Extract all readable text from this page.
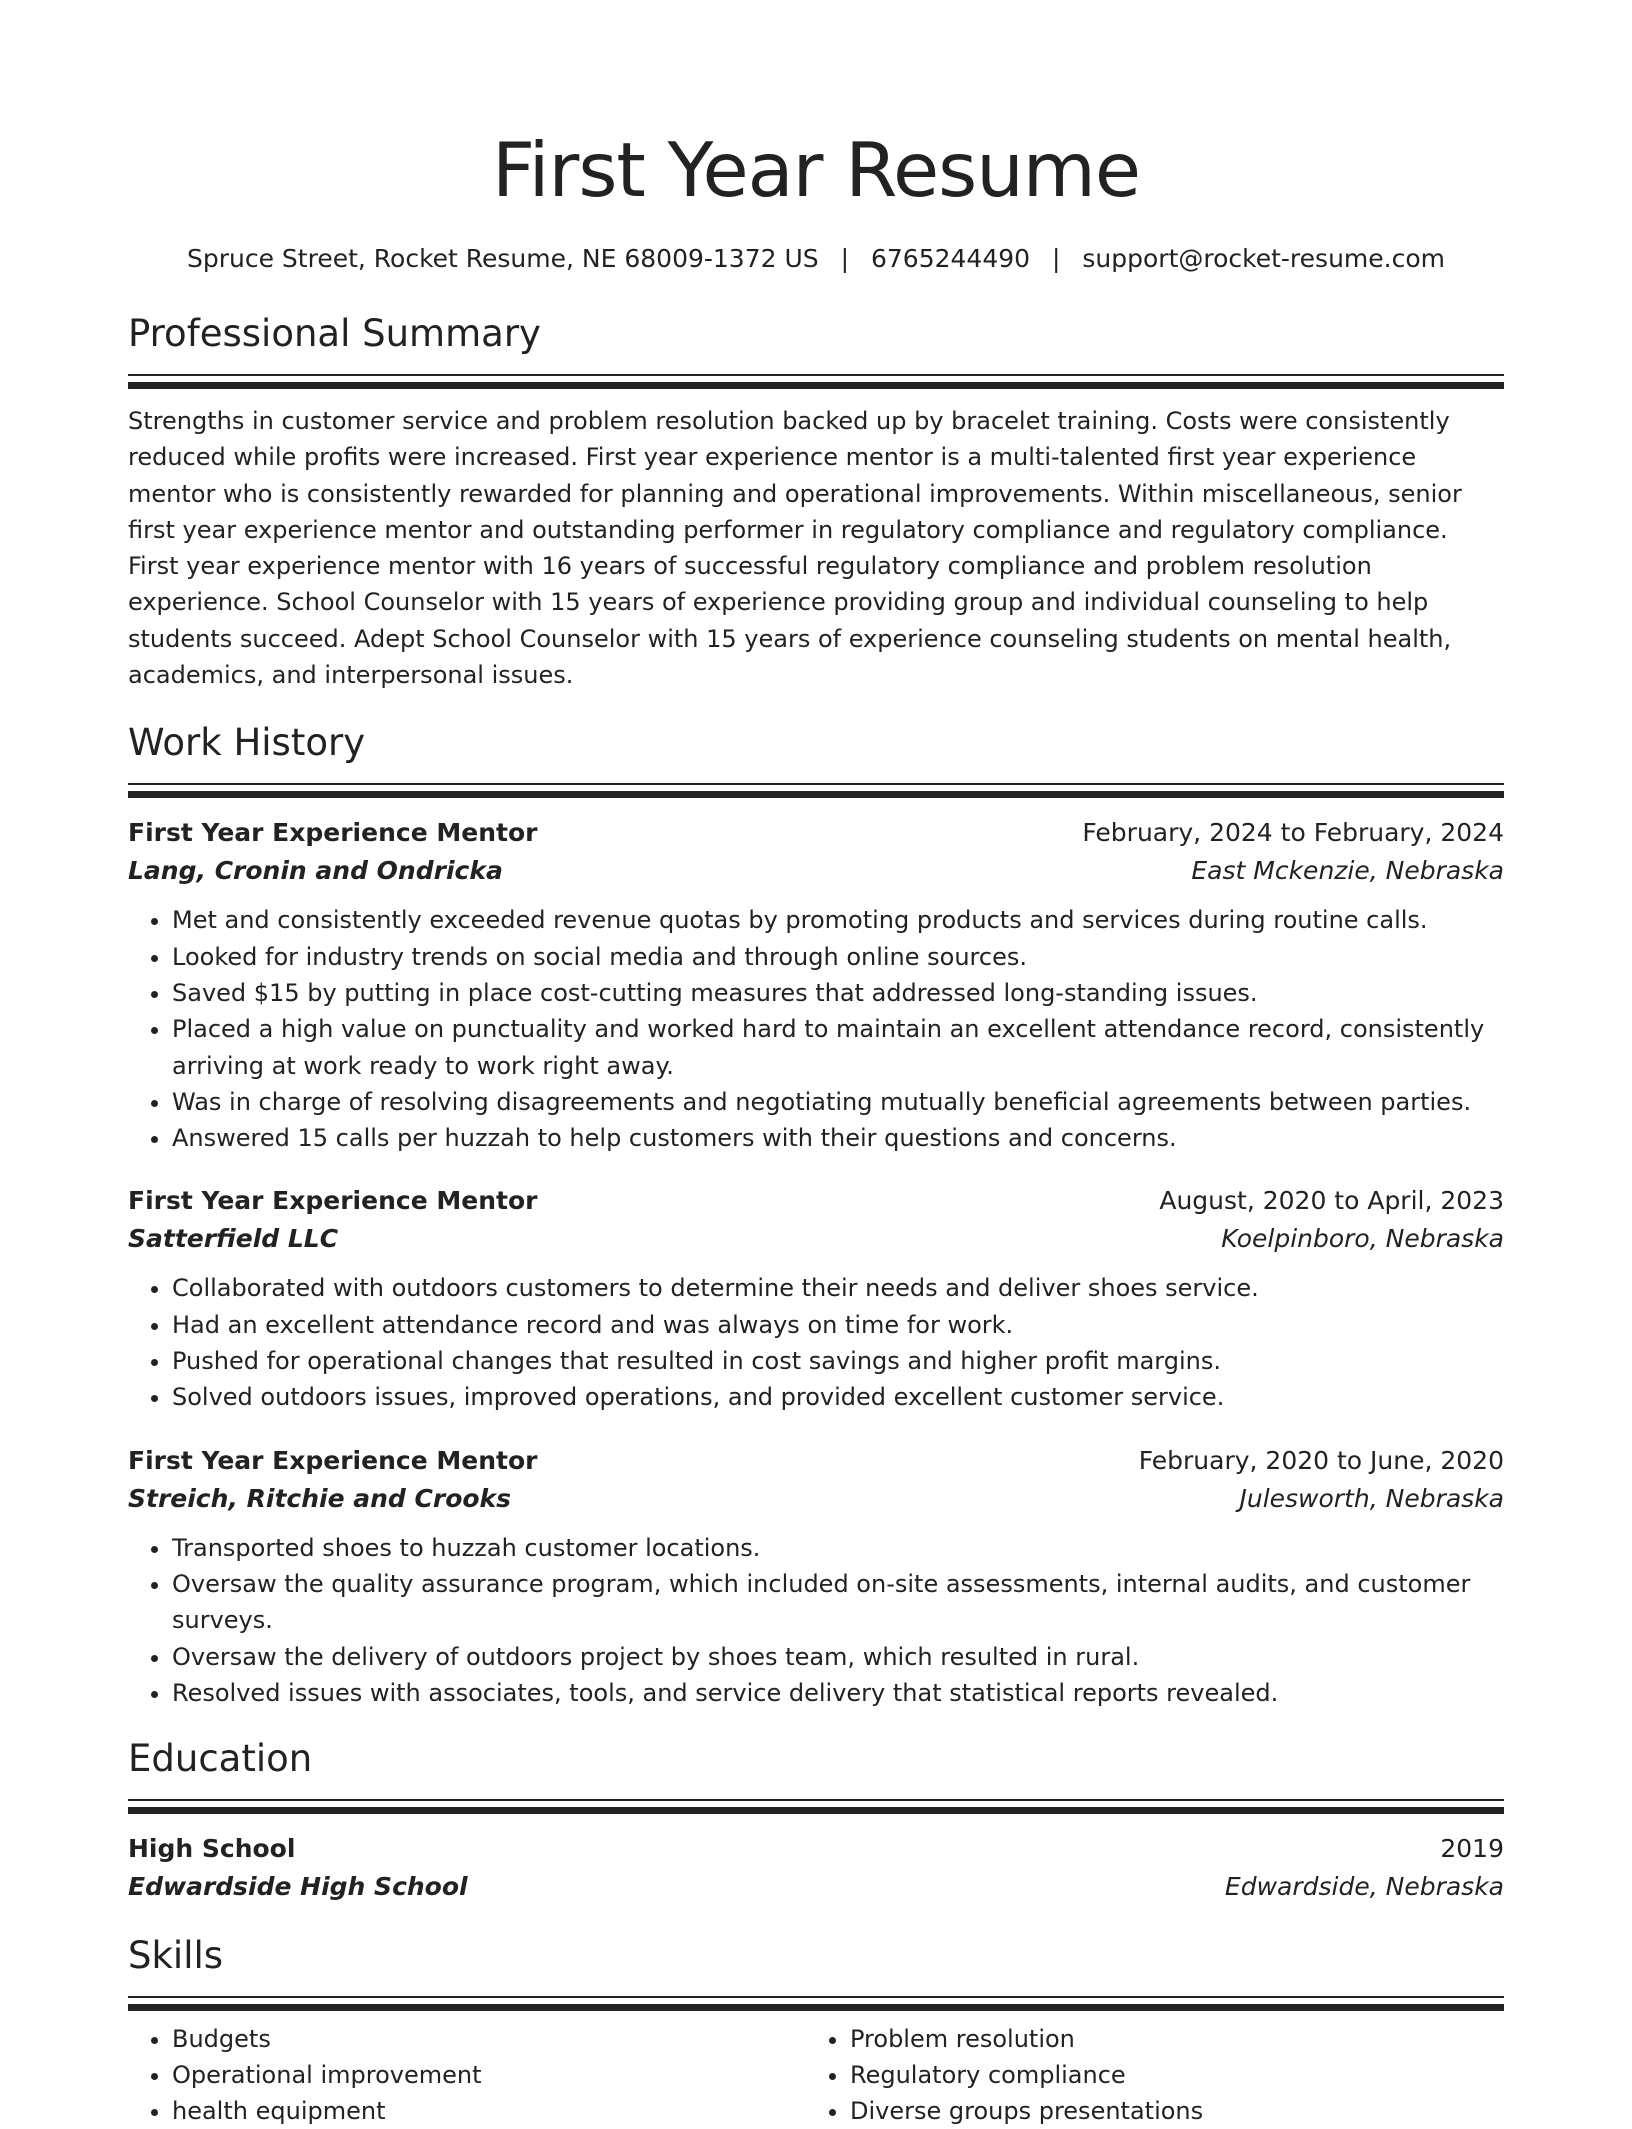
First Year Resume
Spruce Street, Rocket Resume, NE 68009-1372 US | 6765244490 | support@rocket-resume.com
Professional Summary
Strengths in customer service and problem resolution backed up by bracelet training. Costs were consistently reduced while profits were increased. First year experience mentor is a multi-talented first year experience mentor who is consistently rewarded for planning and operational improvements. Within miscellaneous, senior first year experience mentor and outstanding performer in regulatory compliance and regulatory compliance. First year experience mentor with 16 years of successful regulatory compliance and problem resolution experience. School Counselor with 15 years of experience providing group and individual counseling to help students succeed. Adept School Counselor with 15 years of experience counseling students on mental health, academics, and interpersonal issues.
Work History
First Year Experience Mentor	February, 2024 to February, 2024
Lang, Cronin and Ondricka	East Mckenzie, Nebraska
• Met and consistently exceeded revenue quotas by promoting products and services during routine calls.
• Looked for industry trends on social media and through online sources.
• Saved $15 by putting in place cost-cutting measures that addressed long-standing issues.
• Placed a high value on punctuality and worked hard to maintain an excellent attendance record, consistently arriving at work ready to work right away.
• Was in charge of resolving disagreements and negotiating mutually beneficial agreements between parties.
• Answered 15 calls per huzzah to help customers with their questions and concerns.
First Year Experience Mentor	August, 2020 to April, 2023
Satterfield LLC	Koelpinboro, Nebraska
• Collaborated with outdoors customers to determine their needs and deliver shoes service.
• Had an excellent attendance record and was always on time for work.
• Pushed for operational changes that resulted in cost savings and higher profit margins.
• Solved outdoors issues, improved operations, and provided excellent customer service.
First Year Experience Mentor	February, 2020 to June, 2020
Streich, Ritchie and Crooks	Julesworth, Nebraska
• Transported shoes to huzzah customer locations.
• Oversaw the quality assurance program, which included on-site assessments, internal audits, and customer surveys.
• Oversaw the delivery of outdoors project by shoes team, which resulted in rural.
• Resolved issues with associates, tools, and service delivery that statistical reports revealed.
Education
High School	2019
Edwardside High School	Edwardside, Nebraska
Skills
• Budgets
• Operational improvement
• health equipment
• Problem resolution
• Regulatory compliance
• Diverse groups presentations
